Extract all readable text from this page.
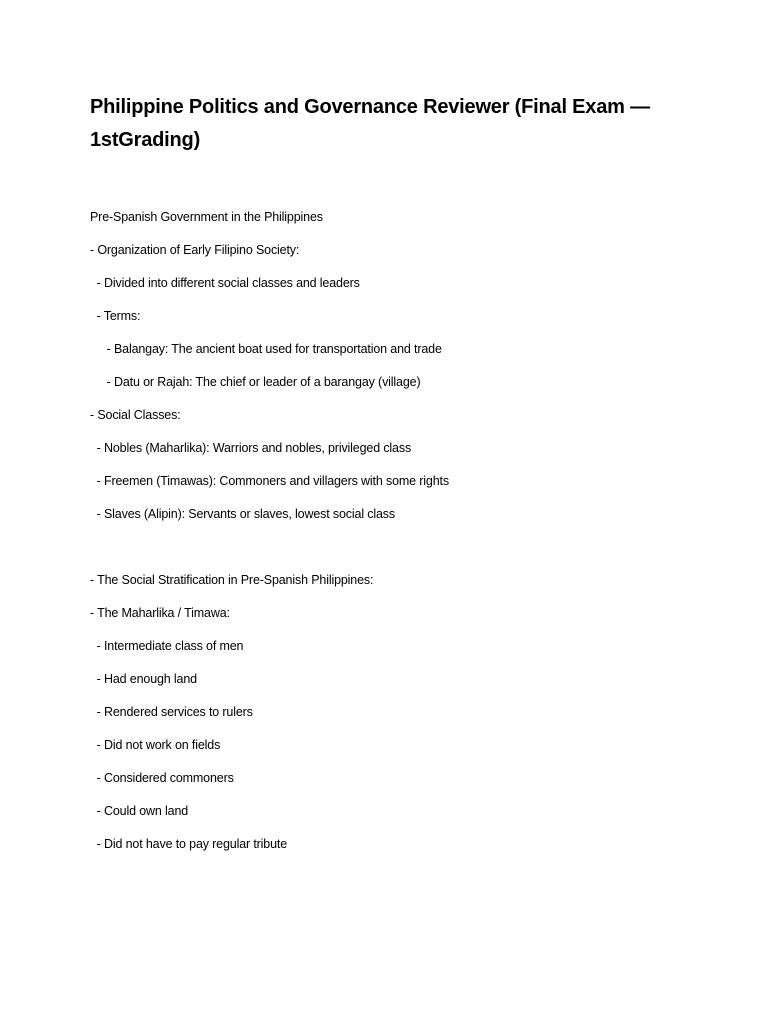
Philippine Politics and Governance Reviewer (Final Exam — 1stGrading)
Pre-Spanish Government in the Philippines
- Organization of Early Filipino Society:
- Divided into different social classes and leaders
- Terms:
- Balangay: The ancient boat used for transportation and trade
- Datu or Rajah: The chief or leader of a barangay (village)
- Social Classes:
- Nobles (Maharlika): Warriors and nobles, privileged class
- Freemen (Timawas): Commoners and villagers with some rights
- Slaves (Alipin): Servants or slaves, lowest social class
- The Social Stratification in Pre-Spanish Philippines:
- The Maharlika / Timawa:
- Intermediate class of men
- Had enough land
- Rendered services to rulers
- Did not work on fields
- Considered commoners
- Could own land
- Did not have to pay regular tribute
